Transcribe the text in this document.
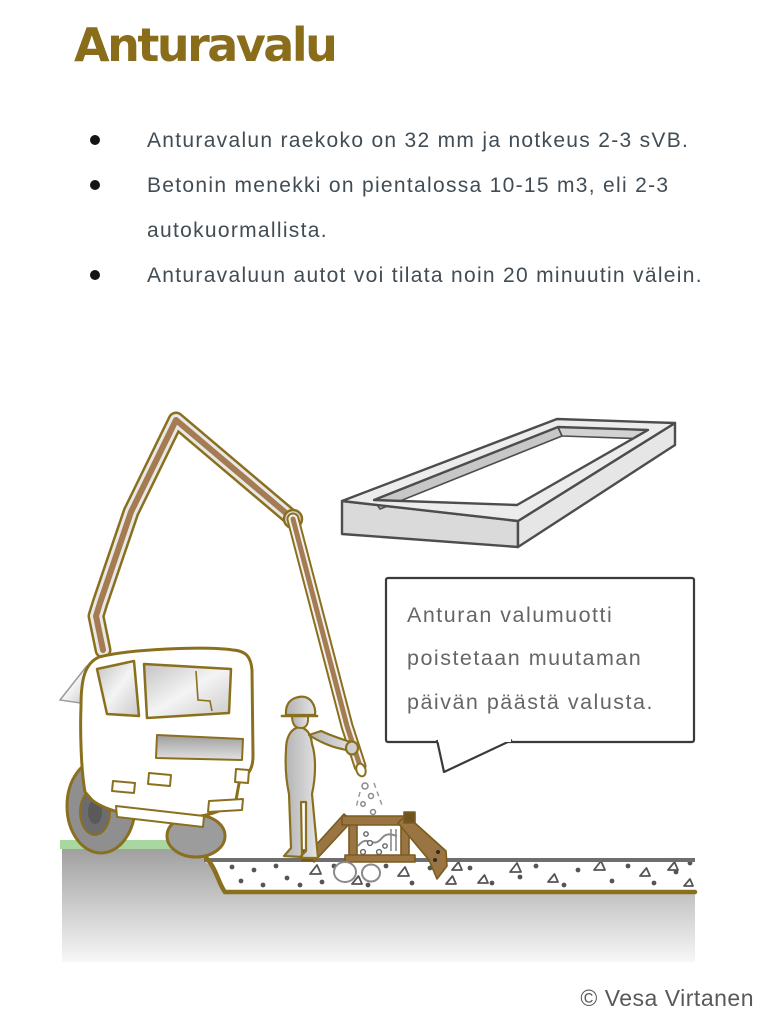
Anturavalu
Anturavalun raekoko on 32 mm ja notkeus 2-3 sVB.
Betonin menekki on pientalossa 10-15 m3, eli 2-3 autokuormallista.
Anturavaluun autot voi tilata noin 20 minuutin välein.
Anturan valumuotti
poistetaan muutaman
päivän päästä valusta.
© Vesa Virtanen
